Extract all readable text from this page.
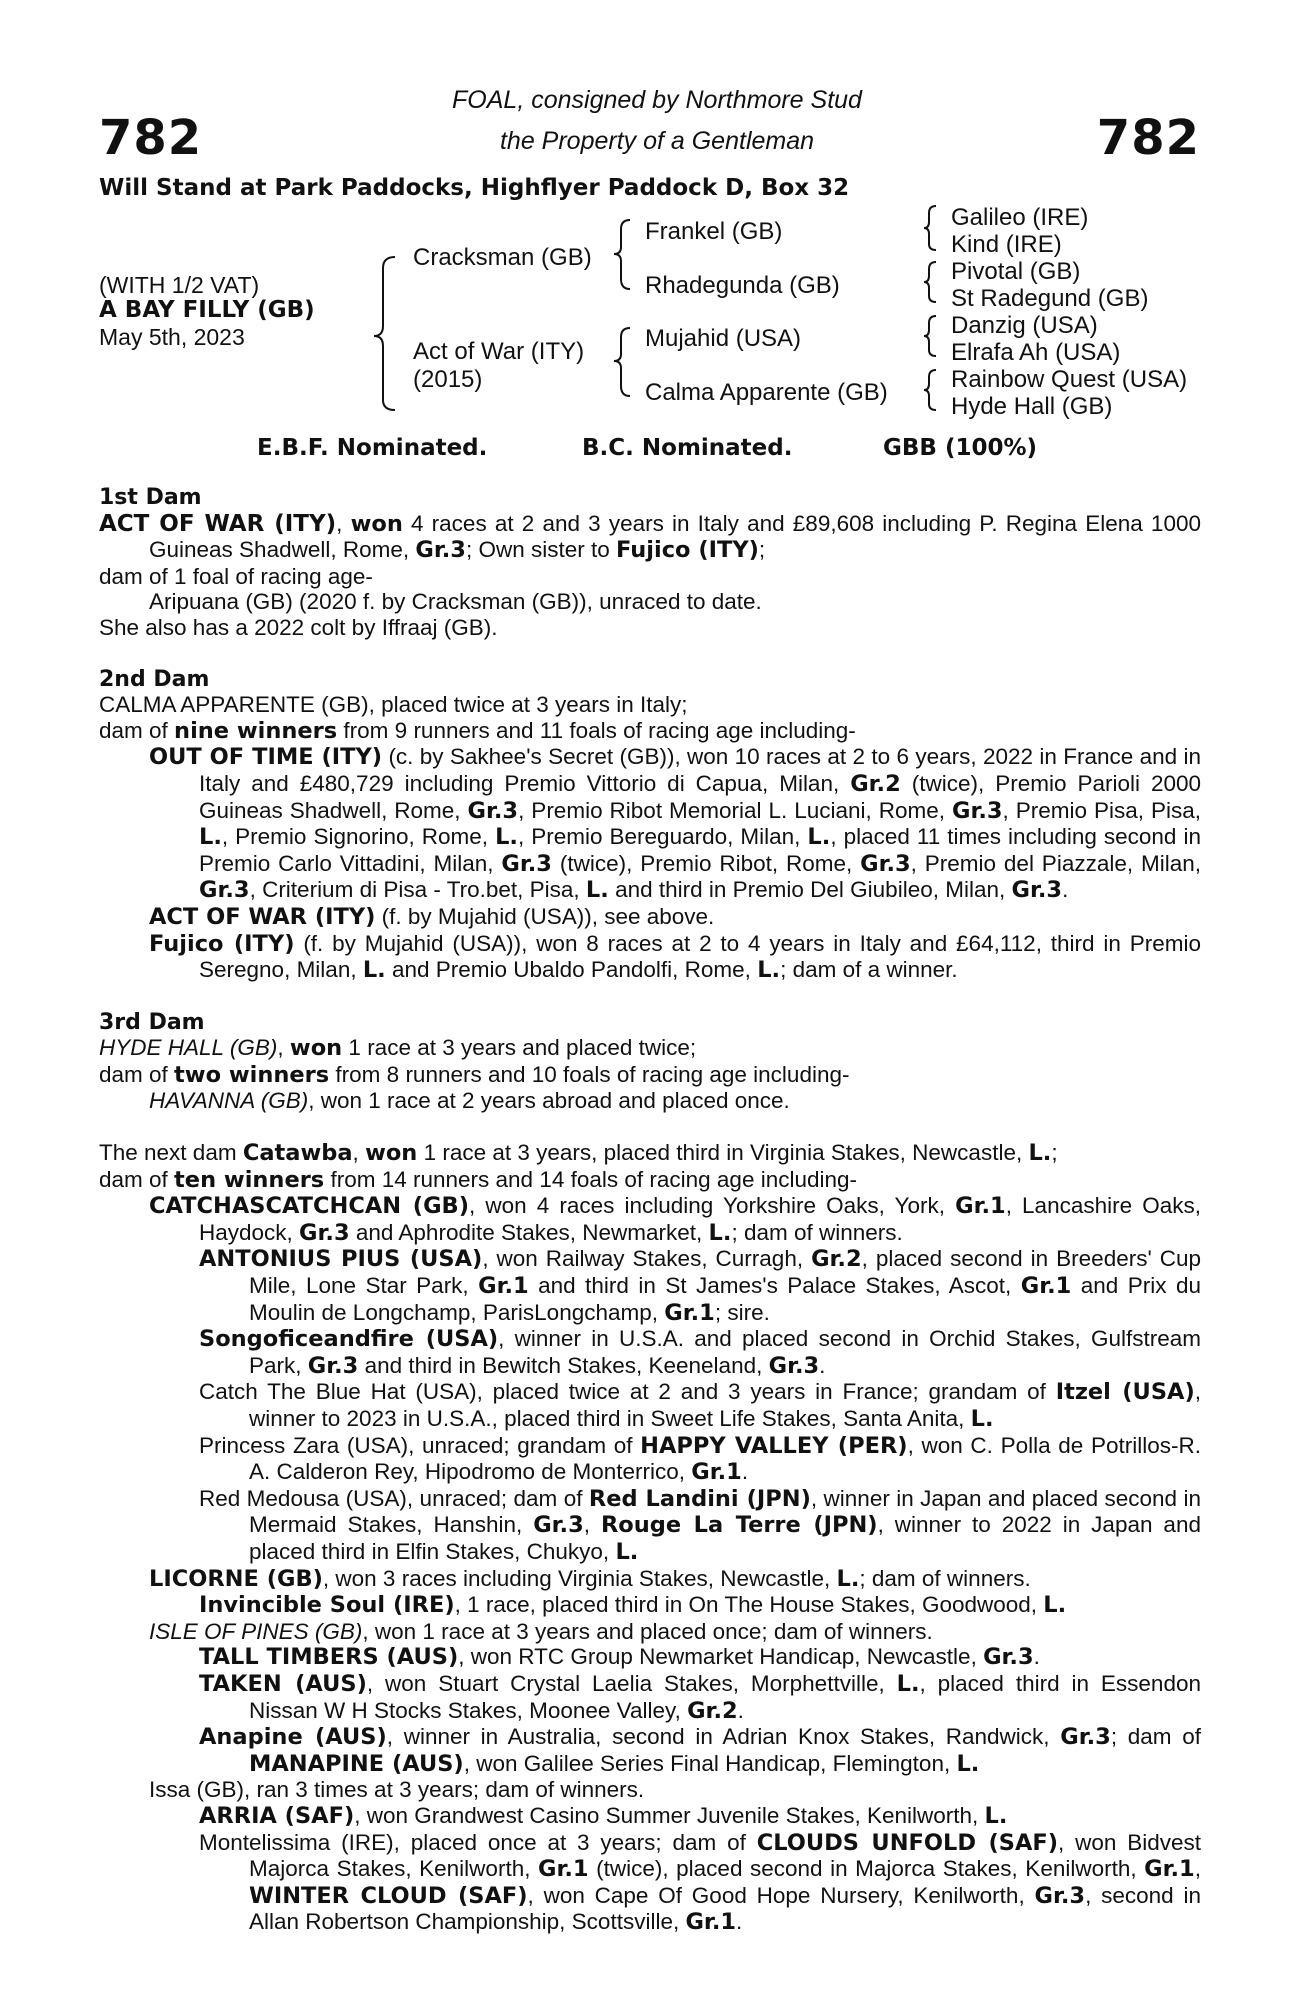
782	782
FOAL, consigned by Northmore Stud
the Property of a Gentleman
Will Stand at Park Paddocks, Highflyer Paddock D, Box 32
(WITH 1/2 VAT)
A BAY FILLY (GB)
May 5th, 2023
Cracksman (GB)
Act of War (ITY)
(2015)
Frankel (GB)
Rhadegunda (GB)
Mujahid (USA)
Calma Apparente (GB)
Galileo (IRE)
Kind (IRE)
Pivotal (GB)
St Radegund (GB)
Danzig (USA)
Elrafa Ah (USA)
Rainbow Quest (USA)
Hyde Hall (GB)
E.B.F. Nominated.	B.C. Nominated.	GBB (100%)

1st Dam

ACT OF WAR (ITY), won 4 races at 2 and 3 years in Italy and £89,608 including P. Regina Elena 1000 Guineas Shadwell, Rome, Gr.3; Own sister to Fujico (ITY);

dam of 1 foal of racing age-

Aripuana (GB) (2020 f. by Cracksman (GB)), unraced to date.

She also has a 2022 colt by Iffraaj (GB).

2nd Dam

CALMA APPARENTE (GB), placed twice at 3 years in Italy;

dam of nine winners from 9 runners and 11 foals of racing age including-

OUT OF TIME (ITY) (c. by Sakhee's Secret (GB)), won 10 races at 2 to 6 years, 2022 in France and in Italy and £480,729 including Premio Vittorio di Capua, Milan, Gr.2 (twice), Premio Parioli 2000 Guineas Shadwell, Rome, Gr.3, Premio Ribot Memorial L. Luciani, Rome, Gr.3, Premio Pisa, Pisa, L., Premio Signorino, Rome, L., Premio Bereguardo, Milan, L., placed 11 times including second in Premio Carlo Vittadini, Milan, Gr.3 (twice), Premio Ribot, Rome, Gr.3, Premio del Piazzale, Milan, Gr.3, Criterium di Pisa - Tro.bet, Pisa, L. and third in Premio Del Giubileo, Milan, Gr.3.

ACT OF WAR (ITY) (f. by Mujahid (USA)), see above.

Fujico (ITY) (f. by Mujahid (USA)), won 8 races at 2 to 4 years in Italy and £64,112, third in Premio Seregno, Milan, L. and Premio Ubaldo Pandolfi, Rome, L.; dam of a winner.

3rd Dam

HYDE HALL (GB), won 1 race at 3 years and placed twice;

dam of two winners from 8 runners and 10 foals of racing age including-

HAVANNA (GB), won 1 race at 2 years abroad and placed once.

The next dam Catawba, won 1 race at 3 years, placed third in Virginia Stakes, Newcastle, L.;

dam of ten winners from 14 runners and 14 foals of racing age including-

CATCHASCATCHCAN (GB), won 4 races including Yorkshire Oaks, York, Gr.1, Lancashire Oaks, Haydock, Gr.3 and Aphrodite Stakes, Newmarket, L.; dam of winners.

ANTONIUS PIUS (USA), won Railway Stakes, Curragh, Gr.2, placed second in Breeders' Cup Mile, Lone Star Park, Gr.1 and third in St James's Palace Stakes, Ascot, Gr.1 and Prix du Moulin de Longchamp, ParisLongchamp, Gr.1; sire.

Songoficeandfire (USA), winner in U.S.A. and placed second in Orchid Stakes, Gulfstream Park, Gr.3 and third in Bewitch Stakes, Keeneland, Gr.3.

Catch The Blue Hat (USA), placed twice at 2 and 3 years in France; grandam of Itzel (USA), winner to 2023 in U.S.A., placed third in Sweet Life Stakes, Santa Anita, L.

Princess Zara (USA), unraced; grandam of HAPPY VALLEY (PER), won C. Polla de Potrillos-R. A. Calderon Rey, Hipodromo de Monterrico, Gr.1.

Red Medousa (USA), unraced; dam of Red Landini (JPN), winner in Japan and placed second in Mermaid Stakes, Hanshin, Gr.3, Rouge La Terre (JPN), winner to 2022 in Japan and placed third in Elfin Stakes, Chukyo, L.

LICORNE (GB), won 3 races including Virginia Stakes, Newcastle, L.; dam of winners.

Invincible Soul (IRE), 1 race, placed third in On The House Stakes, Goodwood, L.

ISLE OF PINES (GB), won 1 race at 3 years and placed once; dam of winners.

TALL TIMBERS (AUS), won RTC Group Newmarket Handicap, Newcastle, Gr.3.

TAKEN (AUS), won Stuart Crystal Laelia Stakes, Morphettville, L., placed third in Essendon Nissan W H Stocks Stakes, Moonee Valley, Gr.2.

Anapine (AUS), winner in Australia, second in Adrian Knox Stakes, Randwick, Gr.3; dam of MANAPINE (AUS), won Galilee Series Final Handicap, Flemington, L.

Issa (GB), ran 3 times at 3 years; dam of winners.

ARRIA (SAF), won Grandwest Casino Summer Juvenile Stakes, Kenilworth, L.

Montelissima (IRE), placed once at 3 years; dam of CLOUDS UNFOLD (SAF), won Bidvest Majorca Stakes, Kenilworth, Gr.1 (twice), placed second in Majorca Stakes, Kenilworth, Gr.1, WINTER CLOUD (SAF), won Cape Of Good Hope Nursery, Kenilworth, Gr.3, second in Allan Robertson Championship, Scottsville, Gr.1.
